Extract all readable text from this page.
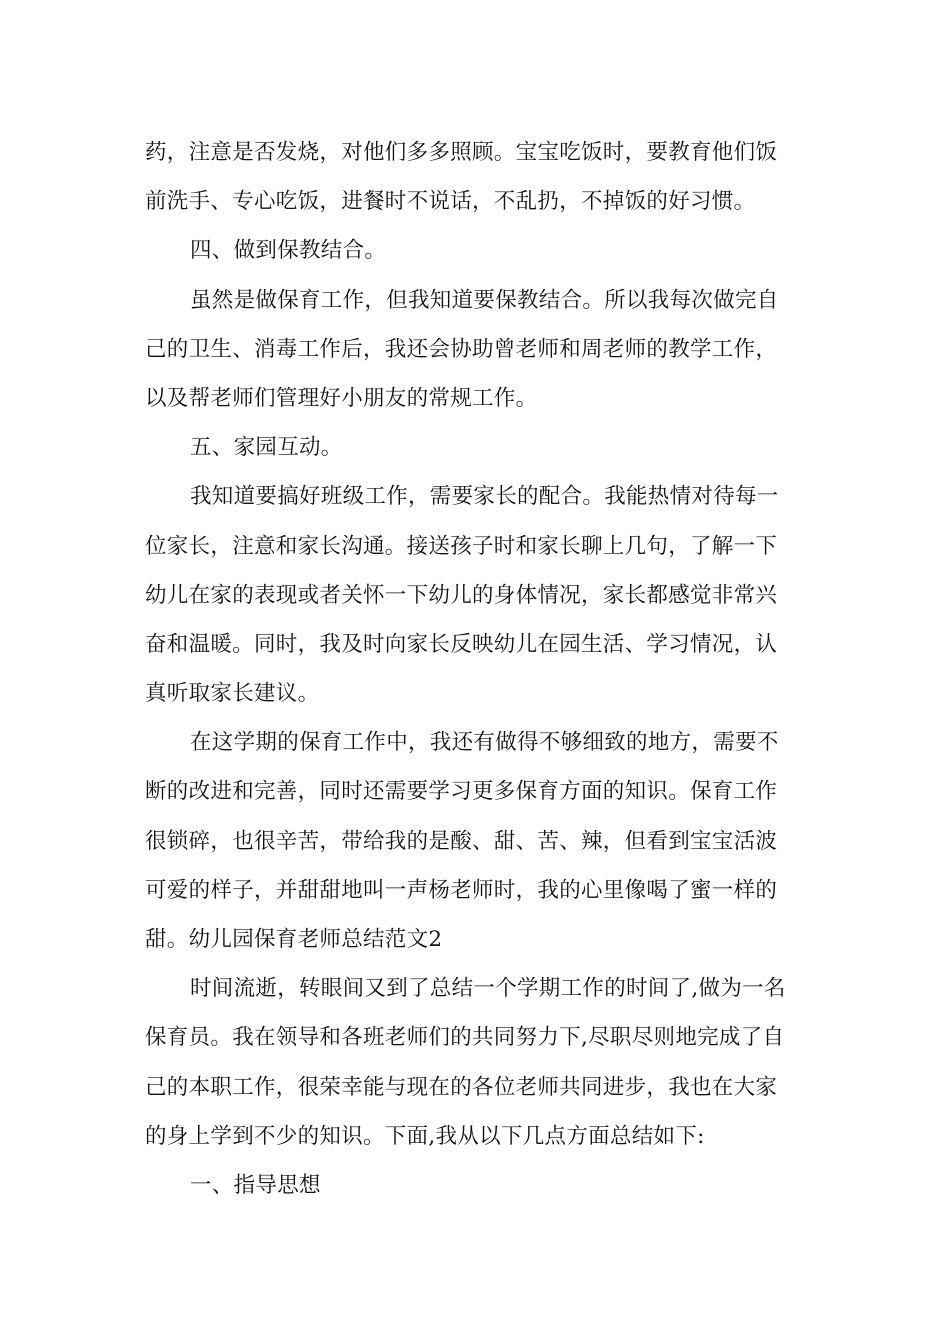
药，注意是否发烧，对他们多多照顾。宝宝吃饭时，要教育他们饭
前洗手、专心吃饭，进餐时不说话，不乱扔，不掉饭的好习惯。
四、做到保教结合。
虽然是做保育工作，但我知道要保教结合。所以我每次做完自
己的卫生、消毒工作后，我还会协助曾老师和周老师的教学工作，
以及帮老师们管理好小朋友的常规工作。
五、家园互动。
我知道要搞好班级工作，需要家长的配合。我能热情对待每一
位家长，注意和家长沟通。接送孩子时和家长聊上几句，了解一下
幼儿在家的表现或者关怀一下幼儿的身体情况，家长都感觉非常兴
奋和温暖。同时，我及时向家长反映幼儿在园生活、学习情况，认
真听取家长建议。
在这学期的保育工作中，我还有做得不够细致的地方，需要不
断的改进和完善，同时还需要学习更多保育方面的知识。保育工作
很锁碎，也很辛苦，带给我的是酸、甜、苦、辣，但看到宝宝活波
可爱的样子，并甜甜地叫一声杨老师时，我的心里像喝了蜜一样的
甜。幼儿园保育老师总结范文2
时间流逝，转眼间又到了总结一个学期工作的时间了,做为一名
保育员。我在领导和各班老师们的共同努力下,尽职尽则地完成了自
己的本职工作，很荣幸能与现在的各位老师共同进步，我也在大家
的身上学到不少的知识。下面,我从以下几点方面总结如下:
一、指导思想
